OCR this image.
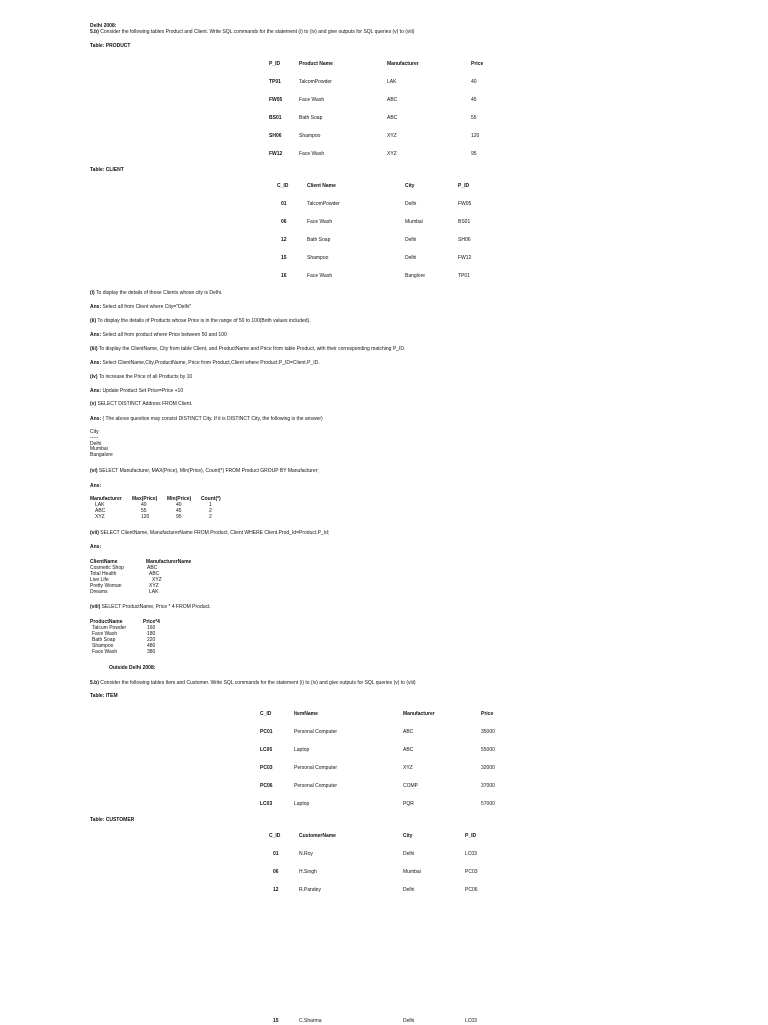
Delhi 2008:
5.b) Consider the following tables Product and Client. Write SQL commands for the statement (i) to (iv) and give outputs for SQL queries (v) to (viii)
Table: PRODUCT
P_ID	Product Name	Manufacturer	Price
TP01	TalcomPowder	LAK	40
FW05	Face Wash	ABC	45
BS01	Bath Soap	ABC	55
SH06	Shampoo	XYZ	120
FW12	Face Wash	XYZ	95
Table: CLIENT
C_ID	Client Name	City	P_ID
01	TalcomPowder	Delhi	FW05
06	Face Wash	Mumbai	BS01
12	Bath Soap	Delhi	SH06
15	Shampoo	Delhi	FW12
16	Face Wash	Banglore	TP01
(i) To display the details of those Clients whose city is Delhi.
Ans: Select all from Client where City="Delhi"
(ii) To display the details of Products whose Price is in the range of 50 to 100(Both values included).
Ans: Select all from product where Price between 50 and 100
(iii) To display the ClientName, City from table Client, and ProductName and Price from table Product, with their corresponding matching P_ID.
Ans: Select ClientName,City,ProductName, Price from Product,Client where Product.P_ID=Client.P_ID.
(iv) To increase the Price of all Products by 10
Ans: Update Product Set Price=Price +10
(v) SELECT DISTINCT Address FROM Client.
Ans: ( The above question may consist DISTINCT City. If it is DISTINCT City, the following is the answer)
City
-----
Delhi
Mumbai
Bangalore
(vi) SELECT Manufacturer, MAX(Price), Min(Price), Count(*) FROM Product GROUP BY Manufacturer;
Ans:
Manufacturer Max(Price) Min(Price) Count(*)
LAK	40	40	1
ABC	55	45	2
XYZ	120	95	2
(vii) SELECT ClientName, ManufacturerName FROM Product, Client WHERE Client.Prod_Id=Product.P_Id;
Ans:
ClientName	ManufacturerName
Cosmetic Shop	ABC
Total Health	ABC
Live Life	XYZ
Pretty Woman	XYZ
Dreams	LAK
(viii) SELECT ProductName, Price * 4 FROM Product.
ProductName	Price*4
Talcum Powder	160
Face Wash	180
Bath Soap	220
Shampoo	480
Face Wash	380
Outside Delhi 2008:
5.b) Consider the following tables Item and Customer. Write SQL commands for the statement (i) to (iv) and give outputs for SQL queries (v) to (viii)
Table: ITEM
C_ID	ItemName	Manufacturer	Price
PC01	Personal Computer	ABC	35000
LC05	Laptop	ABC	55000
PC03	Personal Computer	XYZ	32000
PC06	Personal Computer	COMP	37000
LC03	Laptop	PQR	57000
Table: CUSTOMER
C_ID	CustomerName	City	P_ID
01	N.Roy	Delhi	LC03
06	H.Singh	Mumbai	PC03
12	R.Pandey	Delhi	PC06
15	C.Sharma	Delhi	LC03
